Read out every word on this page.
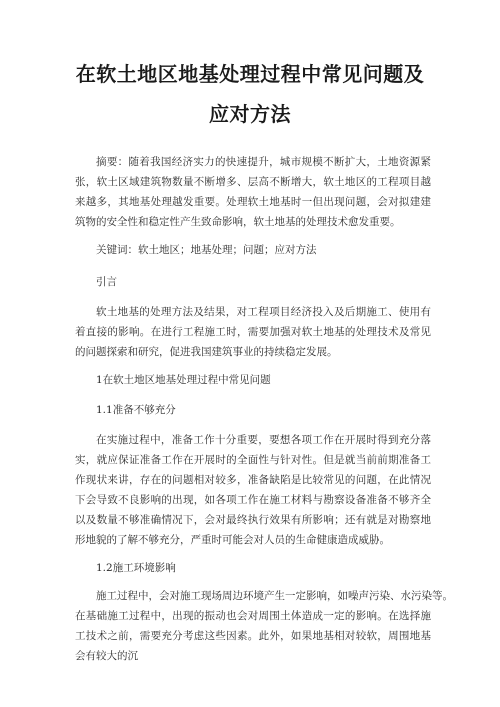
在软土地区地基处理过程中常见问题及
应对方法

摘要：随着我国经济实力的快速提升，城市规模不断扩大，土地资源紧张，软土区域建筑物数量不断增多、层高不断增大，软土地区的工程项目越来越多，其地基处理越发重要。处理软土地基时一但出现问题，会对拟建建筑物的安全性和稳定性产生致命影响，软土地基的处理技术愈发重要。

关键词：软土地区；地基处理；问题；应对方法
引言

软土地基的处理方法及结果，对工程项目经济投入及后期施工、使用有着直接的影响。在进行工程施工时，需要加强对软土地基的处理技术及常见的问题探索和研究，促进我国建筑事业的持续稳定发展。

1在软土地区地基处理过程中常见问题
1.1准备不够充分

在实施过程中，准备工作十分重要，要想各项工作在开展时得到充分落实，就应保证准备工作在开展时的全面性与针对性。但是就当前前期准备工作现状来讲，存在的问题相对较多，准备缺陷是比较常见的问题，在此情况下会导致不良影响的出现，如各项工作在施工材料与勘察设备准备不够齐全以及数量不够准确情况下，会对最终执行效果有所影响；还有就是对勘察地形地貌的了解不够充分，严重时可能会对人员的生命健康造成威胁。

1.2施工环境影响
施工过程中，会对施工现场周边环境产生一定影响，如噪声污染、水污染等。

在基础施工过程中，出现的振动也会对周围土体造成一定的影响。在选择施工技术之前，需要充分考虑这些因素。此外，如果地基相对较软，周围地基会有较大的沉
